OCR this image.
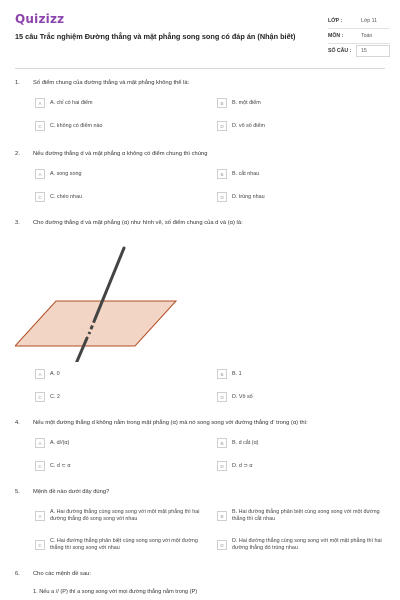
Quizizz
15 câu Trắc nghiệm Đường thẳng và mặt phẳng song song có đáp án (Nhận biết)
LỚP :	Lớp 11
MÔN :	Toán
SỐ CÂU :	15
1. Số điểm chung của đường thẳng và mặt phẳng không thể là:
A	A. chỉ có hai điểm	B	B. một điểm
C	C. không có điểm nào	D	D. vô số điểm
2. Nếu đường thẳng d và mặt phẳng α không có điểm chung thì chúng
A	A. song song	B	B. cắt nhau
C	C. chéo nhau	D	D. trùng nhau
3. Cho đường thẳng d và mặt phẳng (α) như hình vẽ, số điểm chung của d và (α) là:
A	A. 0	B	B. 1
C	C. 2	D	D. Vô số
4. Nếu một đường thẳng d không nằm trong mặt phẳng (α) mà nó song song với đường thẳng d' trong (α) thì:
A	A. d//(α)	B	B. d cắt (α)
C	C. d ⊂ α	D	D. d ⊃ α
5. Mệnh đề nào dưới đây đúng?
A
A. Hai đường thẳng cùng song song với một mặt phẳng thì hai đường thẳng đó song song với nhau	B
B. Hai đường thẳng phân biệt cùng song song với một đường thẳng thì cắt nhau
C
C. Hai đường thẳng phân biệt cùng song song với một đường thẳng thì song song với nhau	D
D. Hai đường thẳng cùng song song với một mặt phẳng thì hai đường thẳng đó trùng nhau
6. Cho các mệnh đề sau:
1. Nếu a // (P) thì a song song với mọi đường thẳng nằm trong (P)
